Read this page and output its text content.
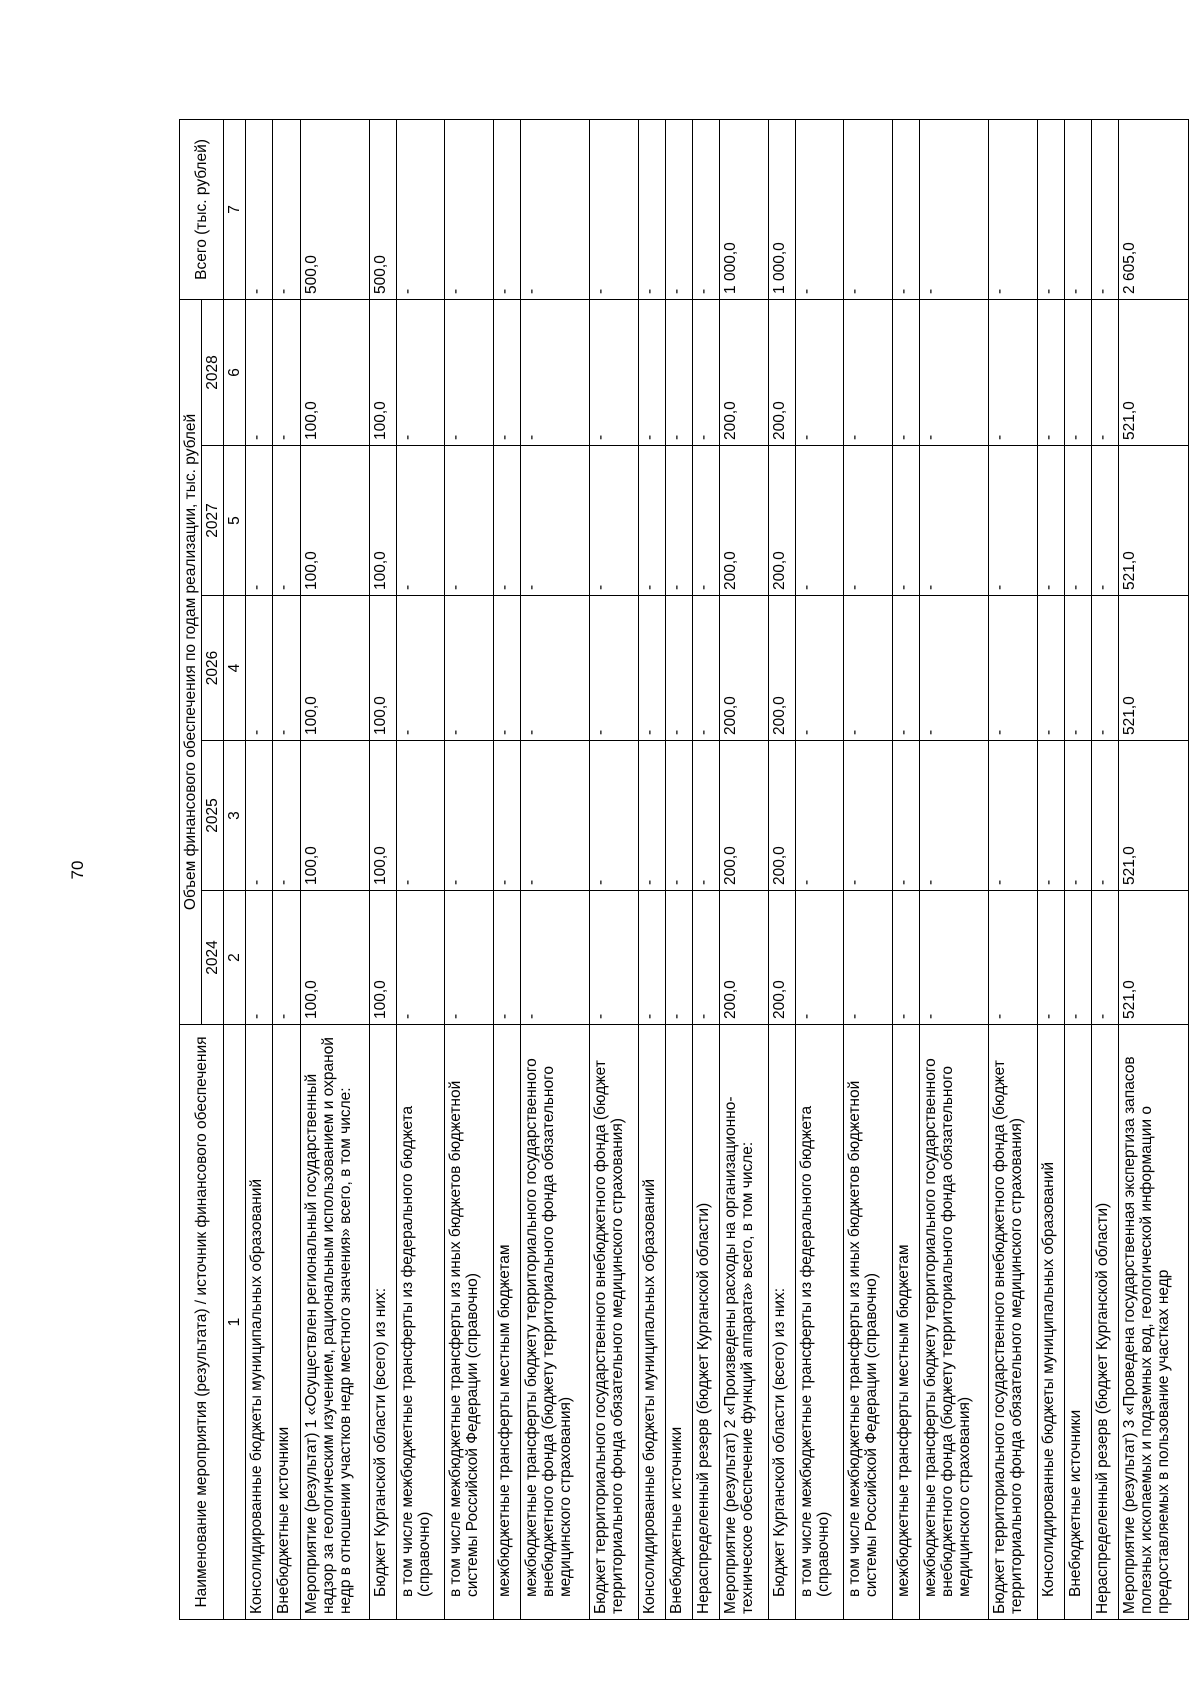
70
Наименование мероприятия (результата) / источник финансового обеспечения	Объем финансового обеспечения по годам реализации, тыс. рублей					Всего (тыс. рублей)
	2024	2025	2026	2027	2028	
1	2	3	4	5	6	7
Консолидированные бюджеты муниципальных образований	-	-	-	-	-	-
Внебюджетные источники	-	-	-	-	-	-
Мероприятие (результат) 1 «Осуществлен региональный государственный надзор за геологическим изучением, рациональным использованием и охраной недр в отношении участков недр местного значения» всего, в том числе:	100,0	100,0	100,0	100,0	100,0	500,0
Бюджет Курганской области (всего) из них:	100,0	100,0	100,0	100,0	100,0	500,0
в том числе межбюджетные трансферты из федерального бюджета (справочно)	-	-	-	-	-	-
в том числе межбюджетные трансферты из иных бюджетов бюджетной системы Российской Федерации (справочно)	-	-	-	-	-	-
межбюджетные трансферты местным бюджетам	-	-	-	-	-	-
межбюджетные трансферты бюджету территориального государственного внебюджетного фонда (бюджету территориального фонда обязательного медицинского страхования)	-	-	-	-	-	-
Бюджет территориального государственного внебюджетного фонда (бюджет территориального фонда обязательного медицинского страхования)	-	-	-	-	-	-
Консолидированные бюджеты муниципальных образований	-	-	-	-	-	-
Внебюджетные источники	-	-	-	-	-	-
Нераспределенный резерв (бюджет Курганской области)	-	-	-	-	-	-
Мероприятие (результат) 2 «Произведены расходы на организационно-техническое обеспечение функций аппарата» всего, в том числе:	200,0	200,0	200,0	200,0	200,0	1 000,0
Бюджет Курганской области (всего) из них:	200,0	200,0	200,0	200,0	200,0	1 000,0
в том числе межбюджетные трансферты из федерального бюджета (справочно)	-	-	-	-	-	-
в том числе межбюджетные трансферты из иных бюджетов бюджетной системы Российской Федерации (справочно)	-	-	-	-	-	-
межбюджетные трансферты местным бюджетам	-	-	-	-	-	-
межбюджетные трансферты бюджету территориального государственного внебюджетного фонда (бюджету территориального фонда обязательного медицинского страхования)	-	-	-	-	-	-
Бюджет территориального государственного внебюджетного фонда (бюджет территориального фонда обязательного медицинского страхования)	-	-	-	-	-	-
Консолидированные бюджеты муниципальных образований	-	-	-	-	-	-
Внебюджетные источники	-	-	-	-	-	-
Нераспределенный резерв (бюджет Курганской области)	-	-	-	-	-	-
Мероприятие (результат) 3 «Проведена государственная экспертиза запасов полезных ископаемых и подземных вод, геологической информации о предоставляемых в пользование участках недр	521,0	521,0	521,0	521,0	521,0	2 605,0
